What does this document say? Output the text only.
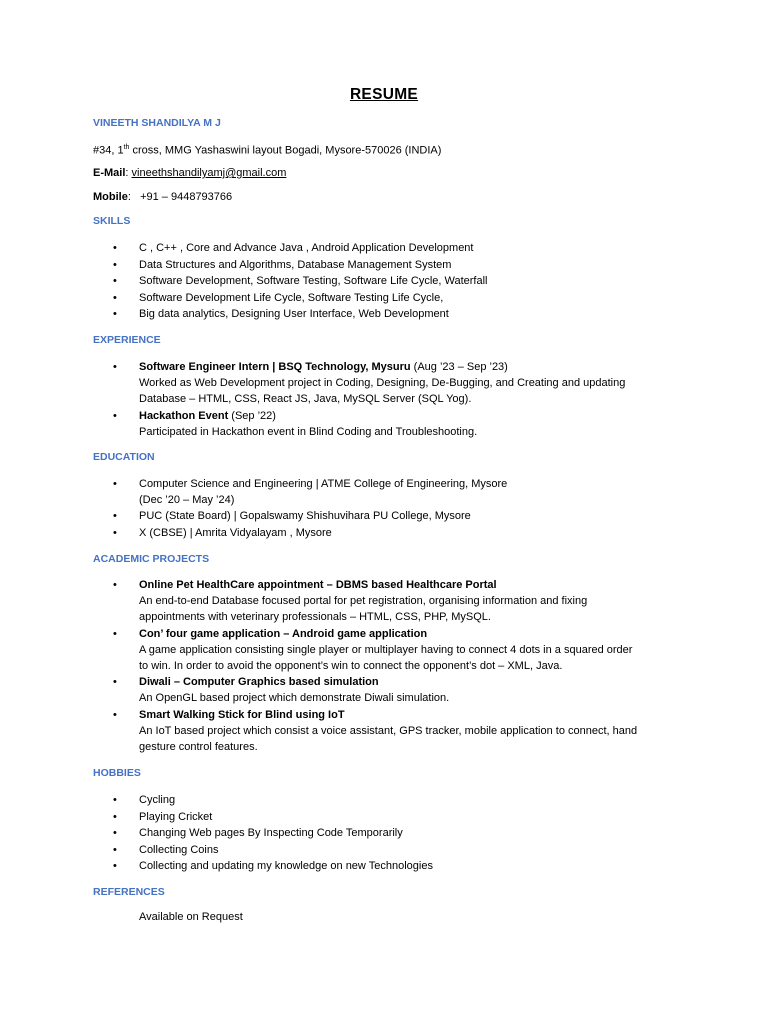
RESUME
VINEETH SHANDILYA M J
#34, 1th cross, MMG Yashaswini layout Bogadi, Mysore-570026 (INDIA)
E-Mail: vineethshandilyamj@gmail.com
Mobile:   +91 – 9448793766
SKILLS
• C , C++ , Core and Advance Java , Android Application Development
• Data Structures and Algorithms, Database Management System
• Software Development, Software Testing, Software Life Cycle, Waterfall
• Software Development Life Cycle, Software Testing Life Cycle,
• Big data analytics, Designing User Interface, Web Development
EXPERIENCE
• Software Engineer Intern | BSQ Technology, Mysuru (Aug ’23 – Sep ’23)
Worked as Web Development project in Coding, Designing, De-Bugging, and Creating and updating
Database – HTML, CSS, React JS, Java, MySQL Server (SQL Yog).
• Hackathon Event (Sep ’22)
Participated in Hackathon event in Blind Coding and Troubleshooting.
EDUCATION
• Computer Science and Engineering | ATME College of Engineering, Mysore
(Dec ’20 – May ’24)
• PUC (State Board) | Gopalswamy Shishuvihara PU College, Mysore
• X (CBSE) | Amrita Vidyalayam , Mysore
ACADEMIC PROJECTS
• Online Pet HealthCare appointment – DBMS based Healthcare Portal
An end-to-end Database focused portal for pet registration, organising information and fixing
appointments with veterinary professionals – HTML, CSS, PHP, MySQL.
• Con’ four game application – Android game application
A game application consisting single player or multiplayer having to connect 4 dots in a squared order
to win. In order to avoid the opponent’s win to connect the opponent’s dot – XML, Java.
• Diwali – Computer Graphics based simulation
An OpenGL based project which demonstrate Diwali simulation.
• Smart Walking Stick for Blind using IoT
An IoT based project which consist a voice assistant, GPS tracker, mobile application to connect, hand
gesture control features.
HOBBIES
• Cycling
• Playing Cricket
• Changing Web pages By Inspecting Code Temporarily
• Collecting Coins
• Collecting and updating my knowledge on new Technologies
REFERENCES
Available on Request
